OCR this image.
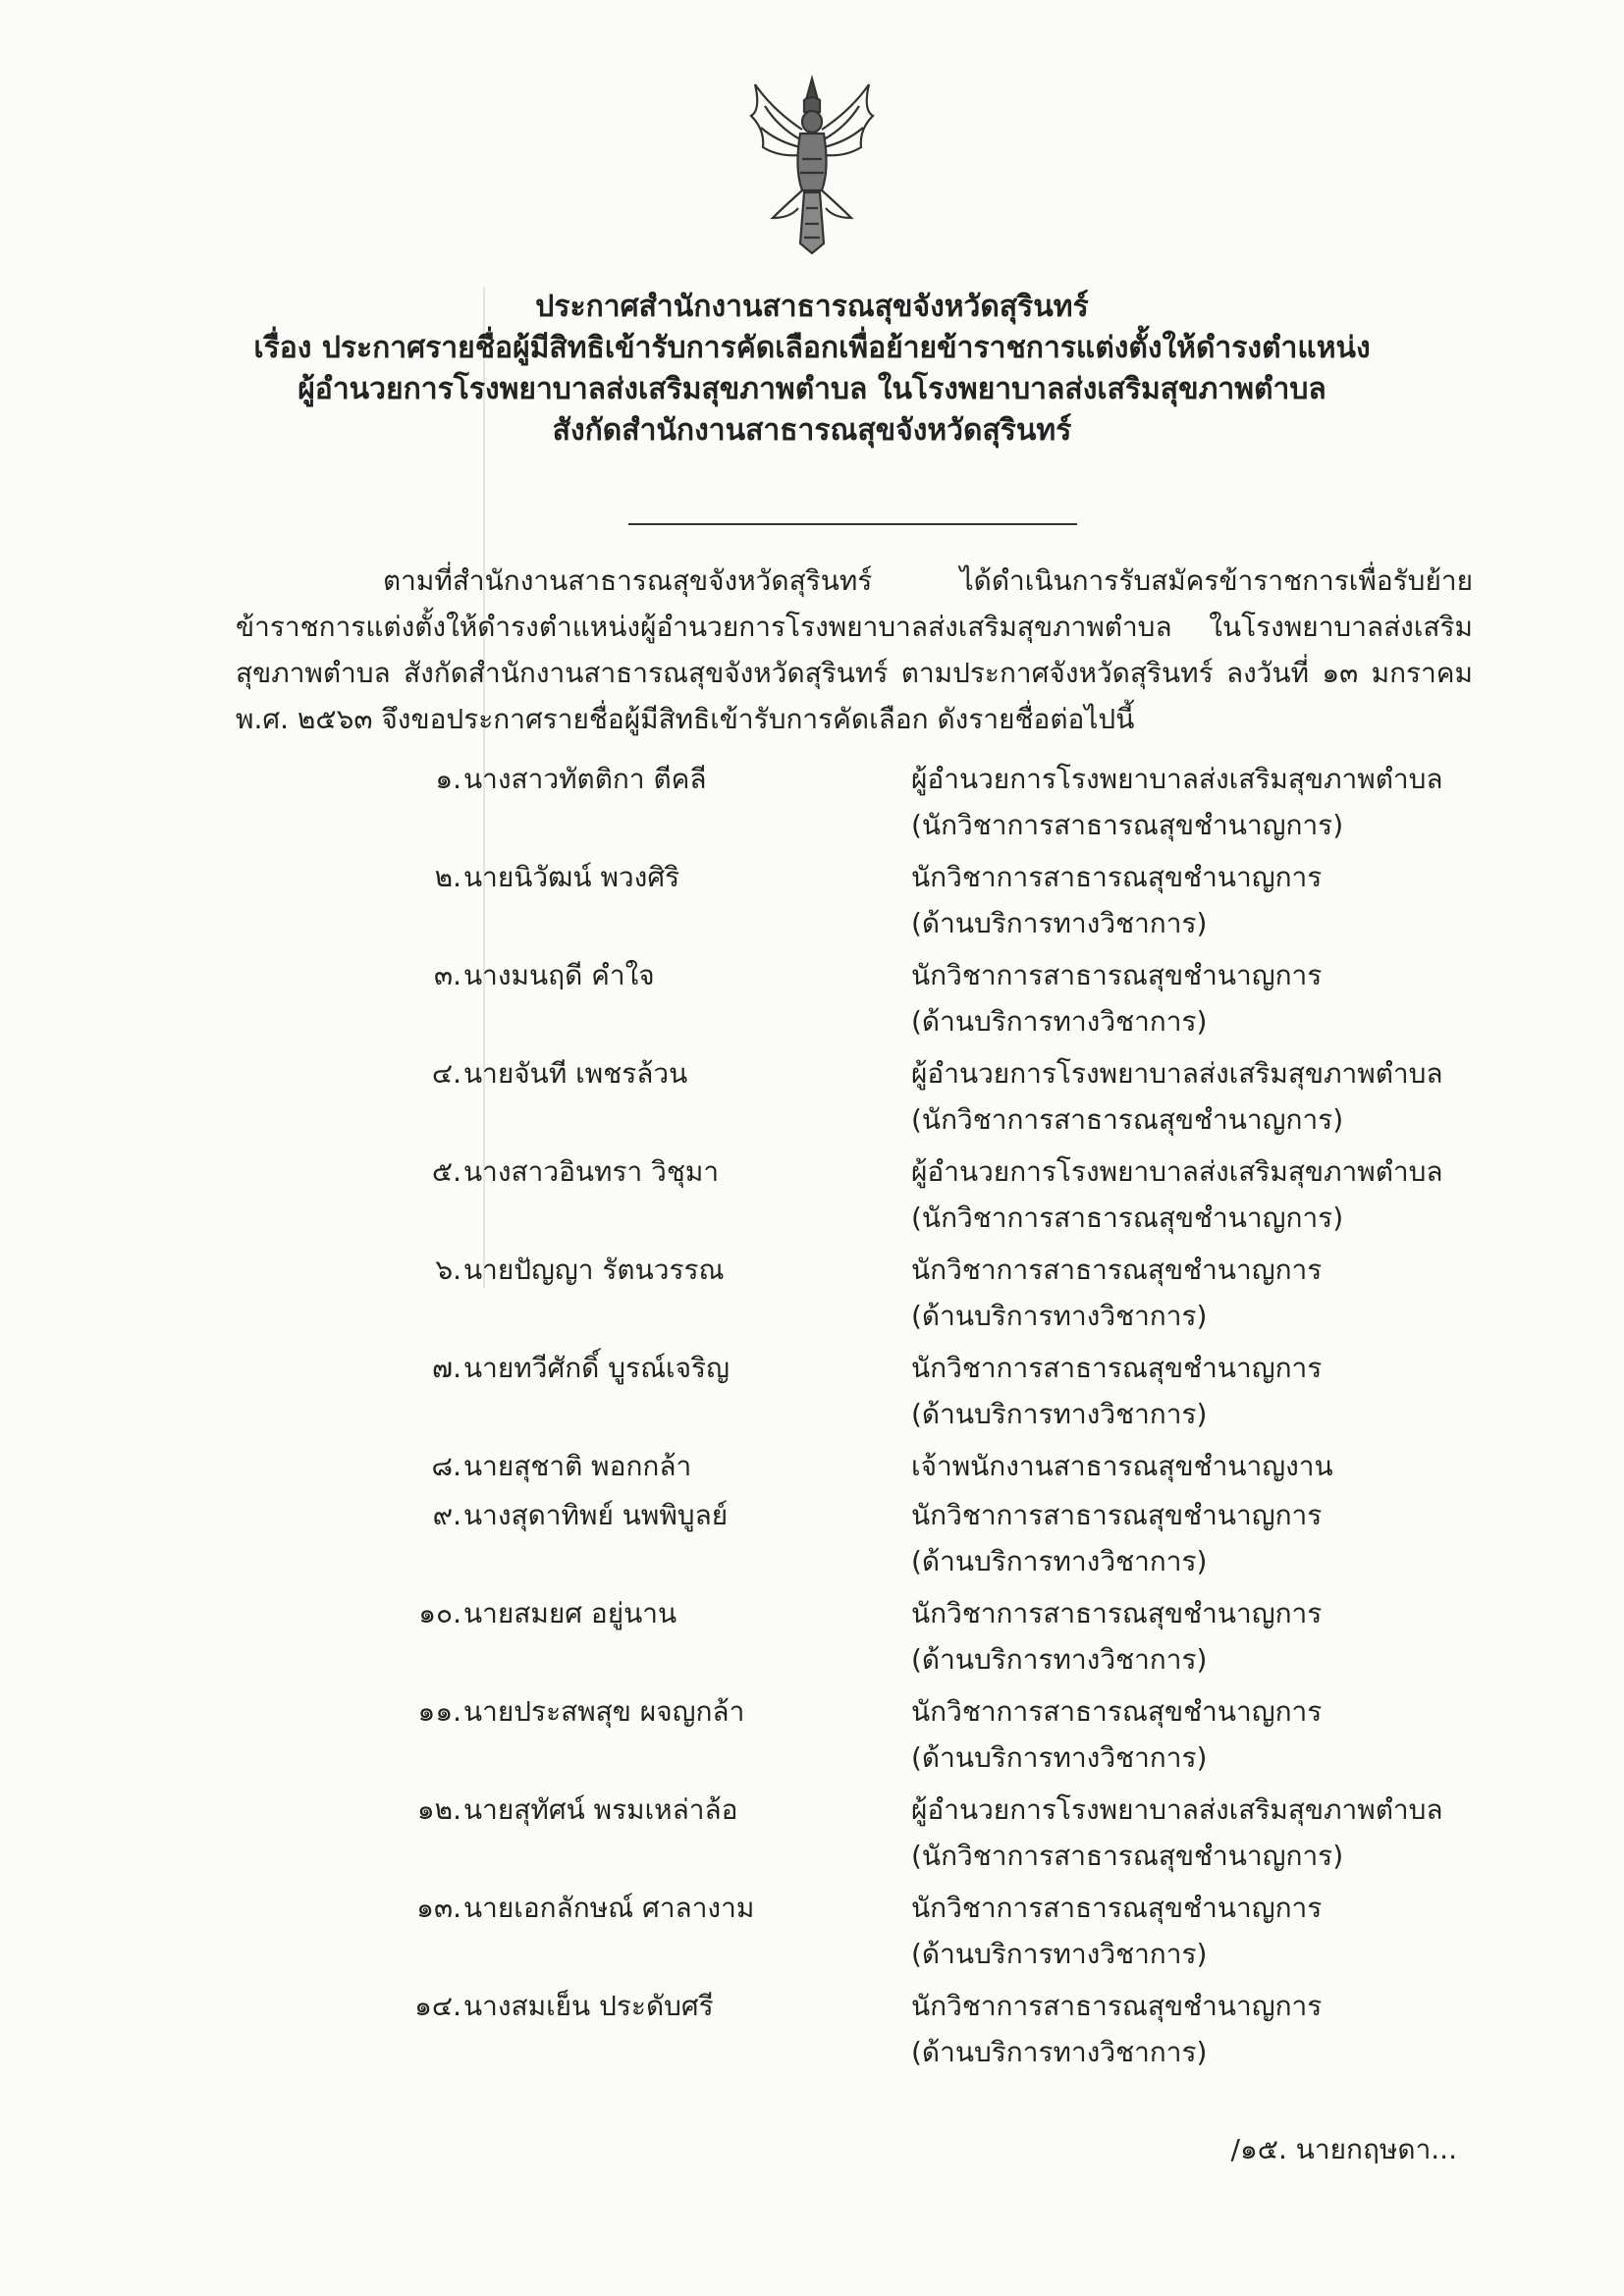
ประกาศสำนักงานสาธารณสุขจังหวัดสุรินทร์
เรื่อง ประกาศรายชื่อผู้มีสิทธิเข้ารับการคัดเลือกเพื่อย้ายข้าราชการแต่งตั้งให้ดำรงตำแหน่ง
ผู้อำนวยการโรงพยาบาลส่งเสริมสุขภาพตำบล ในโรงพยาบาลส่งเสริมสุขภาพตำบล
สังกัดสำนักงานสาธารณสุขจังหวัดสุรินทร์
ตามที่สำนักงานสาธารณสุขจังหวัดสุรินทร์ ได้ดำเนินการรับสมัครข้าราชการเพื่อรับย้าย
ข้าราชการแต่งตั้งให้ดำรงตำแหน่งผู้อำนวยการโรงพยาบาลส่งเสริมสุขภาพตำบล ในโรงพยาบาลส่งเสริม
สุขภาพตำบล สังกัดสำนักงานสาธารณสุขจังหวัดสุรินทร์ ตามประกาศจังหวัดสุรินทร์ ลงวันที่ ๑๓ มกราคม
พ.ศ. ๒๕๖๓ จึงขอประกาศรายชื่อผู้มีสิทธิเข้ารับการคัดเลือก ดังรายชื่อต่อไปนี้
๑. นางสาวทัตติกา ตีคลี	ผู้อำนวยการโรงพยาบาลส่งเสริมสุขภาพตำบล
(นักวิชาการสาธารณสุขชำนาญการ)
๒. นายนิวัฒน์ พวงศิริ	นักวิชาการสาธารณสุขชำนาญการ
(ด้านบริการทางวิชาการ)
๓. นางมนฤดี คำใจ	นักวิชาการสาธารณสุขชำนาญการ
(ด้านบริการทางวิชาการ)
๔. นายจันที เพชรล้วน	ผู้อำนวยการโรงพยาบาลส่งเสริมสุขภาพตำบล
(นักวิชาการสาธารณสุขชำนาญการ)
๕. นางสาวอินทรา วิชุมา	ผู้อำนวยการโรงพยาบาลส่งเสริมสุขภาพตำบล
(นักวิชาการสาธารณสุขชำนาญการ)
๖. นายปัญญา รัตนวรรณ	นักวิชาการสาธารณสุขชำนาญการ
(ด้านบริการทางวิชาการ)
๗. นายทวีศักดิ์ บูรณ์เจริญ	นักวิชาการสาธารณสุขชำนาญการ
(ด้านบริการทางวิชาการ)
๘. นายสุชาติ พอกกล้า	เจ้าพนักงานสาธารณสุขชำนาญงาน
๙. นางสุดาทิพย์ นพพิบูลย์	นักวิชาการสาธารณสุขชำนาญการ
(ด้านบริการทางวิชาการ)
๑๐. นายสมยศ อยู่นาน	นักวิชาการสาธารณสุขชำนาญการ
(ด้านบริการทางวิชาการ)
๑๑. นายประสพสุข ผจญกล้า	นักวิชาการสาธารณสุขชำนาญการ
(ด้านบริการทางวิชาการ)
๑๒. นายสุทัศน์ พรมเหล่าล้อ	ผู้อำนวยการโรงพยาบาลส่งเสริมสุขภาพตำบล
(นักวิชาการสาธารณสุขชำนาญการ)
๑๓. นายเอกลักษณ์ ศาลางาม	นักวิชาการสาธารณสุขชำนาญการ
(ด้านบริการทางวิชาการ)
๑๔. นางสมเย็น ประดับศรี	นักวิชาการสาธารณสุขชำนาญการ
(ด้านบริการทางวิชาการ)
/๑๕. นายกฤษดา...
